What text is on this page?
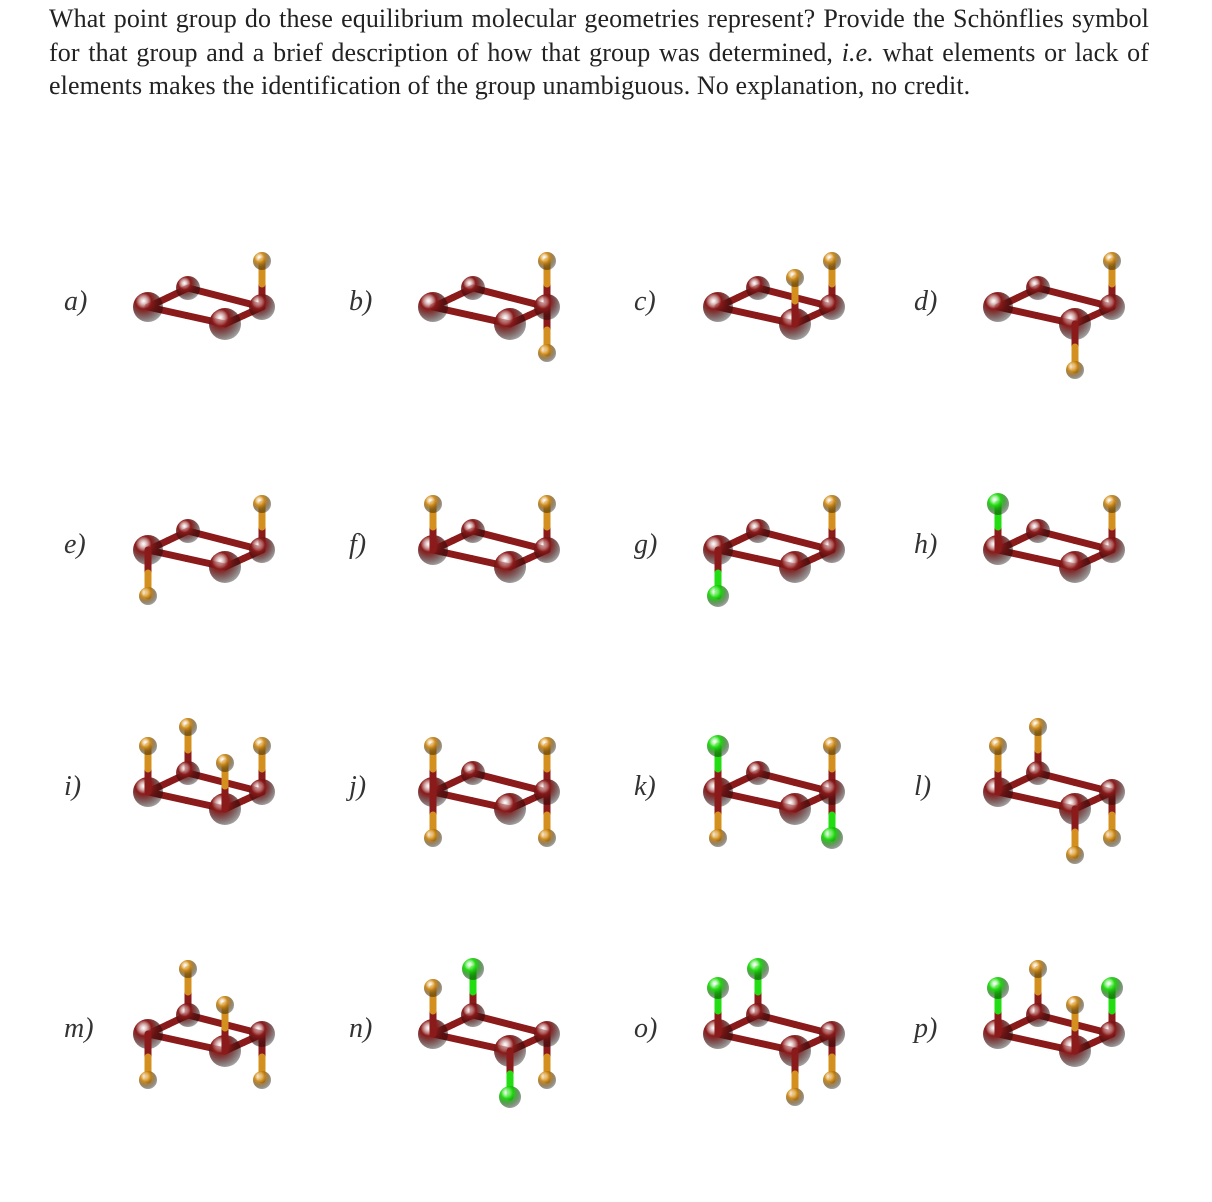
What point group do these equilibrium molecular geometries represent? Provide the Schönflies symbol for that group and a brief description of how that group was determined, i.e. what elements or lack of elements makes the identification of the group unambiguous. No explanation, no credit.
a)	b)	c)	d)
e)	f)	g)	h)
i)	j)	k)	l)
m)	n)	o)	p)
